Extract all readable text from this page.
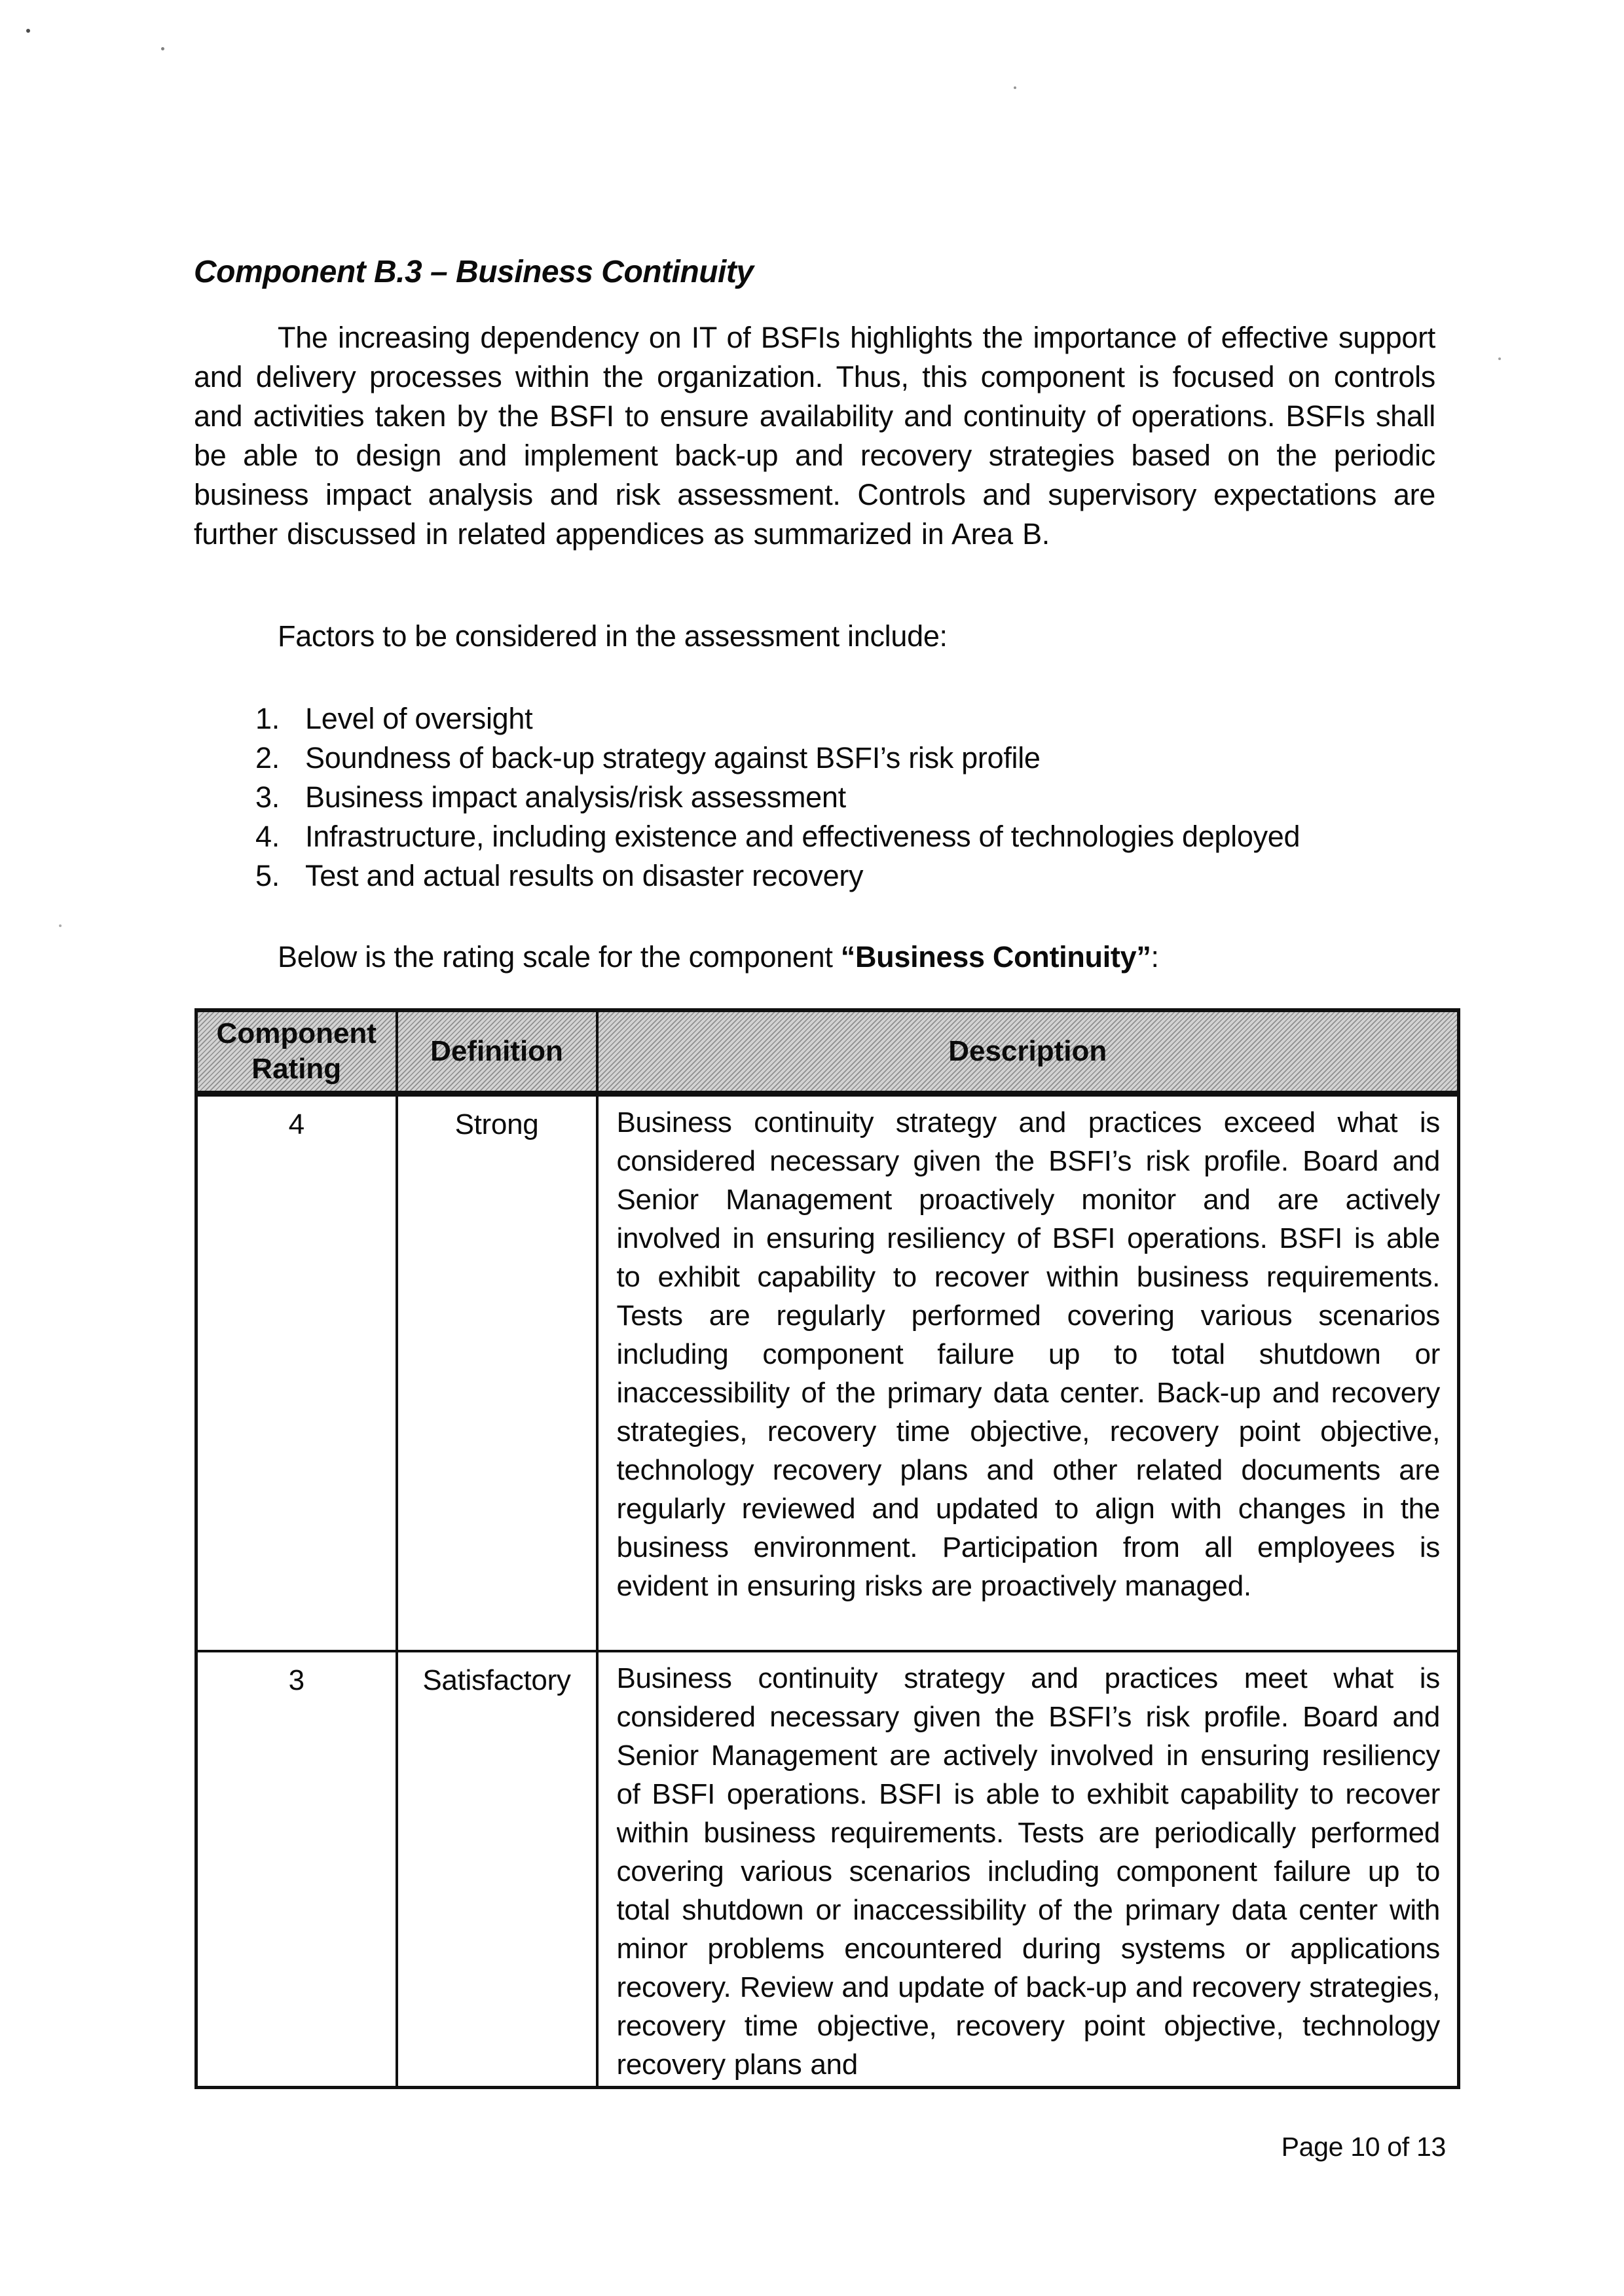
Component B.3 – Business Continuity
The increasing dependency on IT of BSFIs highlights the importance of effective support and delivery processes within the organization. Thus, this component is focused on controls and activities taken by the BSFI to ensure availability and continuity of operations. BSFIs shall be able to design and implement back-up and recovery strategies based on the periodic business impact analysis and risk assessment. Controls and supervisory expectations are further discussed in related appendices as summarized in Area B.
Factors to be considered in the assessment include:
Level of oversight
Soundness of back-up strategy against BSFI’s risk profile
Business impact analysis/risk assessment
Infrastructure, including existence and effectiveness of technologies deployed
Test and actual results on disaster recovery
Below is the rating scale for the component “Business Continuity”:
Component Rating	Definition	Description
4	Strong	Business continuity strategy and practices exceed what is considered necessary given the BSFI’s risk profile. Board and Senior Management proactively monitor and are actively involved in ensuring resiliency of BSFI operations. BSFI is able to exhibit capability to recover within business requirements. Tests are regularly performed covering various scenarios including component failure up to total shutdown or inaccessibility of the primary data center. Back-up and recovery strategies, recovery time objective, recovery point objective, technology recovery plans and other related documents are regularly reviewed and updated to align with changes in the business environment. Participation from all employees is evident in ensuring risks are proactively managed.

3	Satisfactory	Business continuity strategy and practices meet what is considered necessary given the BSFI’s risk profile. Board and Senior Management are actively involved in ensuring resiliency of BSFI operations. BSFI is able to exhibit capability to recover within business requirements. Tests are periodically performed covering various scenarios including component failure up to total shutdown or inaccessibility of the primary data center with minor problems encountered during systems or applications recovery. Review and update of back-up and recovery strategies, recovery time objective, recovery point objective, technology recovery plans and
Page 10 of 13
